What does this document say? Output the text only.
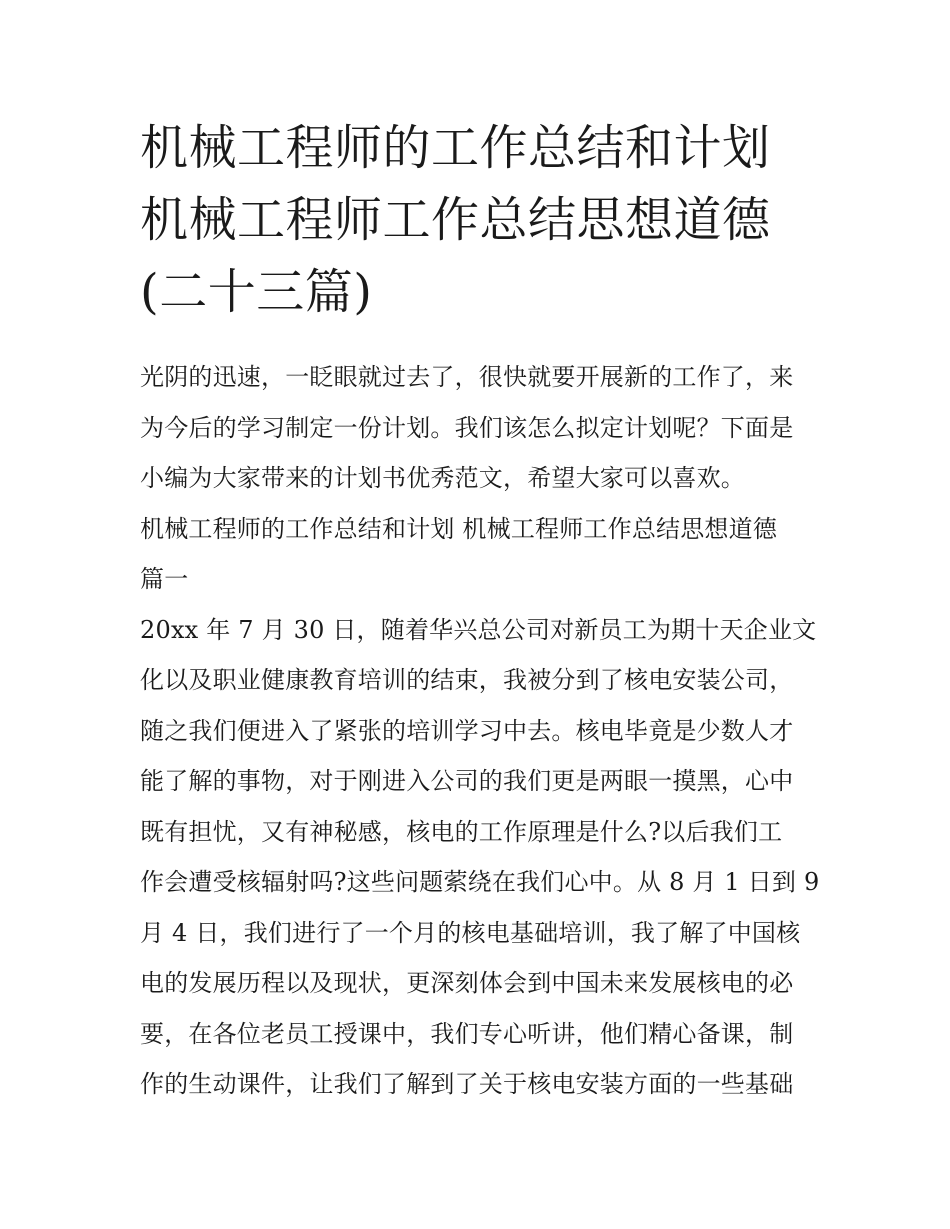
机械工程师的工作总结和计划
机械工程师工作总结思想道德
(二十三篇)
光阴的迅速，一眨眼就过去了，很快就要开展新的工作了，来
为今后的学习制定一份计划。我们该怎么拟定计划呢？下面是
小编为大家带来的计划书优秀范文，希望大家可以喜欢。
机械工程师的工作总结和计划 机械工程师工作总结思想道德
篇一
20xx 年 7 月 30 日，随着华兴总公司对新员工为期十天企业文
化以及职业健康教育培训的结束，我被分到了核电安装公司，
随之我们便进入了紧张的培训学习中去。核电毕竟是少数人才
能了解的事物，对于刚进入公司的我们更是两眼一摸黑，心中
既有担忧，又有神秘感，核电的工作原理是什么?以后我们工
作会遭受核辐射吗?这些问题萦绕在我们心中。从 8 月 1 日到 9
月 4 日，我们进行了一个月的核电基础培训，我了解了中国核
电的发展历程以及现状，更深刻体会到中国未来发展核电的必
要，在各位老员工授课中，我们专心听讲，他们精心备课，制
作的生动课件，让我们了解到了关于核电安装方面的一些基础
